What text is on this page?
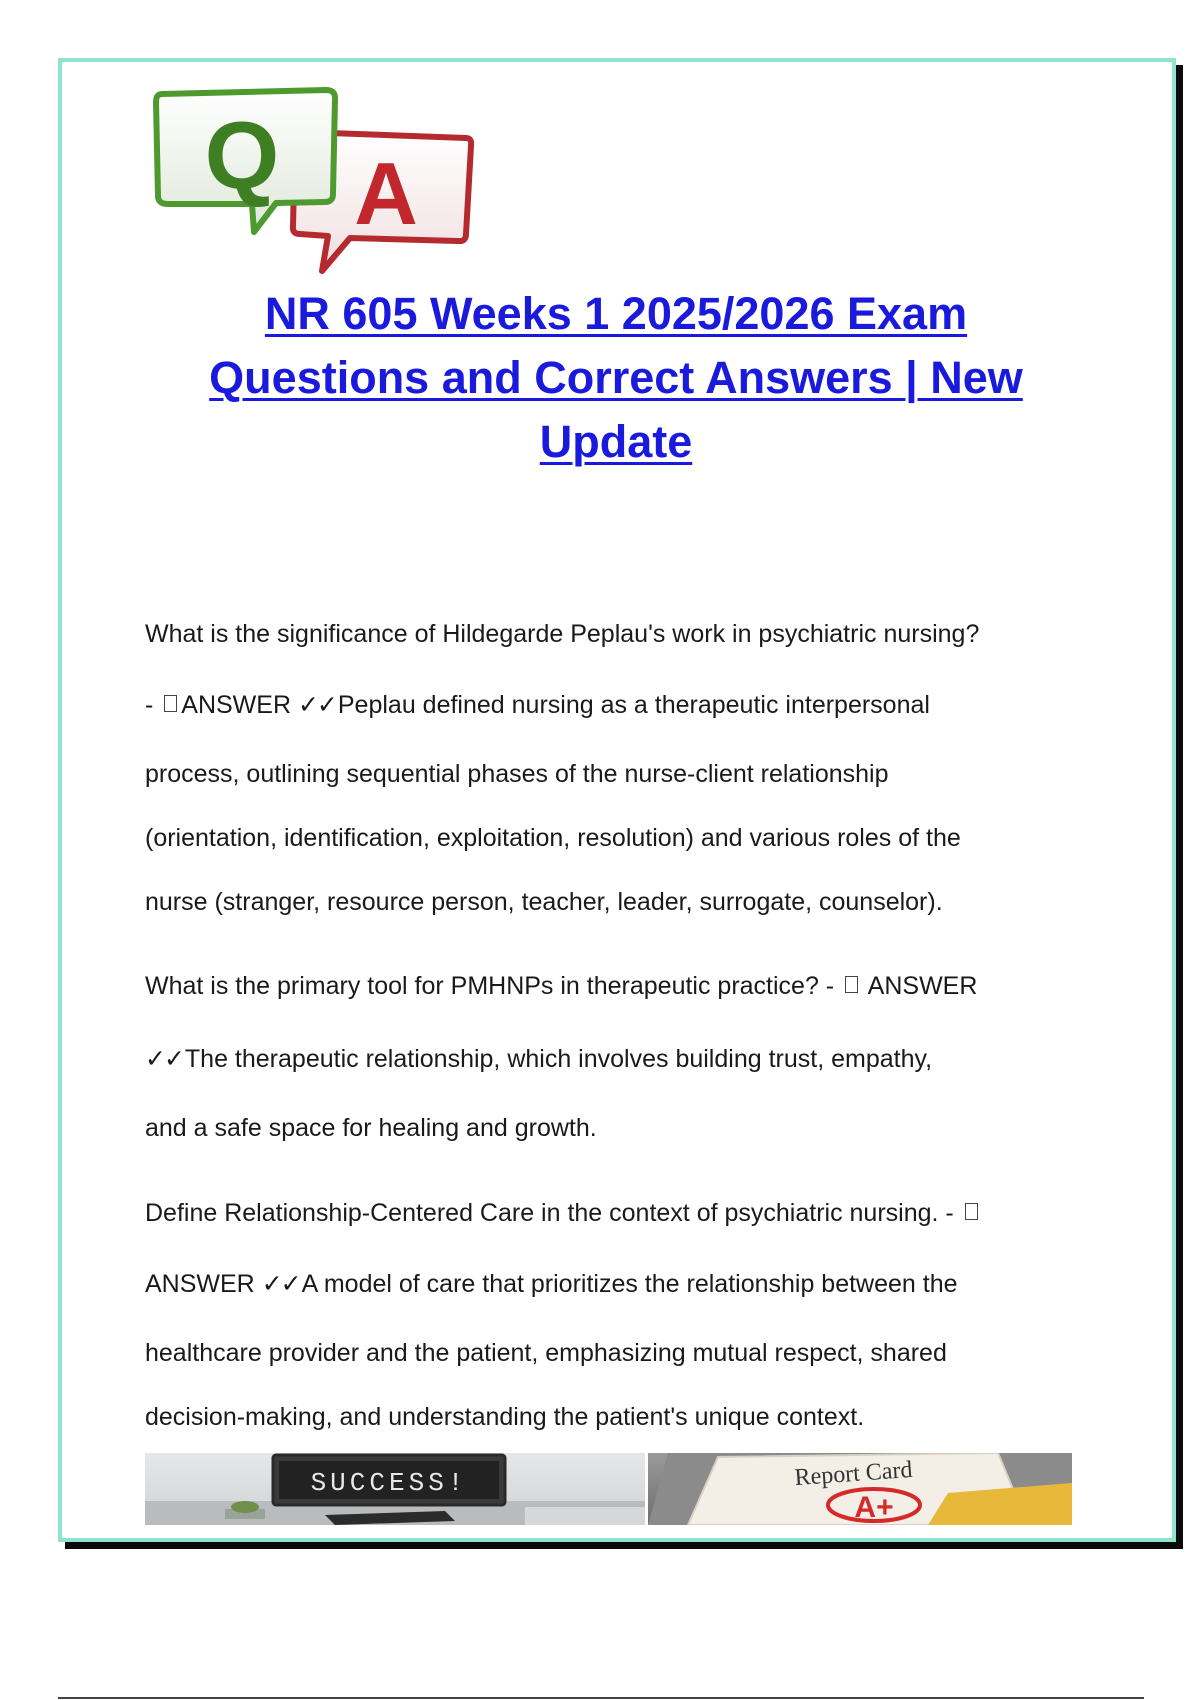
A
Q
NR 605 Weeks 1 2025/2026 Exam
Questions and Correct Answers | New
Update
What is the significance of Hildegarde Peplau's work in psychiatric nursing?
- ANSWER ✓✓Peplau defined nursing as a therapeutic interpersonal
process, outlining sequential phases of the nurse-client relationship
(orientation, identification, exploitation, resolution) and various roles of the
nurse (stranger, resource person, teacher, leader, surrogate, counselor).
What is the primary tool for PMHNPs in therapeutic practice? -  ANSWER
✓✓The therapeutic relationship, which involves building trust, empathy,
and a safe space for healing and growth.
Define Relationship-Centered Care in the context of psychiatric nursing. -
ANSWER ✓✓A model of care that prioritizes the relationship between the
healthcare provider and the patient, emphasizing mutual respect, shared
decision-making, and understanding the patient's unique context.
SUCCESS!	Report Card
A+
